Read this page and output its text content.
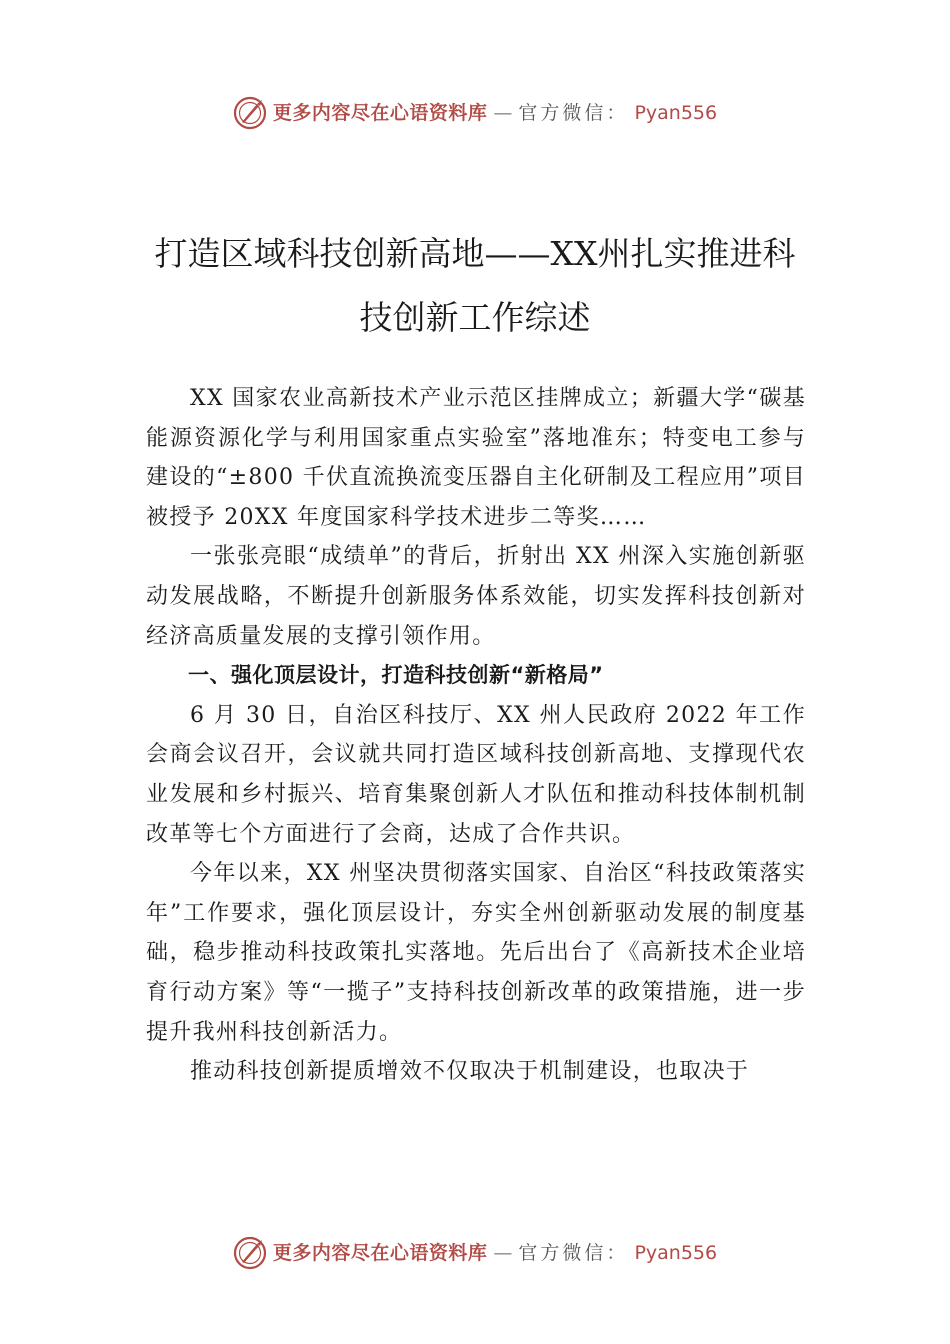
更多内容尽在心语资料库 — 官方微信： Pyan556
打造区域科技创新高地——XX州扎实推进科技创新工作综述

XX 国家农业高新技术产业示范区挂牌成立；新疆大学“碳基能源资源化学与利用国家重点实验室”落地准东；特变电工参与建设的“±800 千伏直流换流变压器自主化研制及工程应用”项目被授予 20XX 年度国家科学技术进步二等奖……

一张张亮眼“成绩单”的背后，折射出 XX 州深入实施创新驱动发展战略，不断提升创新服务体系效能，切实发挥科技创新对经济高质量发展的支撑引领作用。

一、强化顶层设计，打造科技创新“新格局”

6 月 30 日，自治区科技厅、XX 州人民政府 2022 年工作会商会议召开，会议就共同打造区域科技创新高地、支撑现代农业发展和乡村振兴、培育集聚创新人才队伍和推动科技体制机制改革等七个方面进行了会商，达成了合作共识。

今年以来，XX 州坚决贯彻落实国家、自治区“科技政策落实年”工作要求，强化顶层设计，夯实全州创新驱动发展的制度基础，稳步推动科技政策扎实落地。先后出台了《高新技术企业培育行动方案》等“一揽子”支持科技创新改革的政策措施，进一步提升我州科技创新活力。

推动科技创新提质增效不仅取决于机制建设，也取决于

更多内容尽在心语资料库 — 官方微信： Pyan556
